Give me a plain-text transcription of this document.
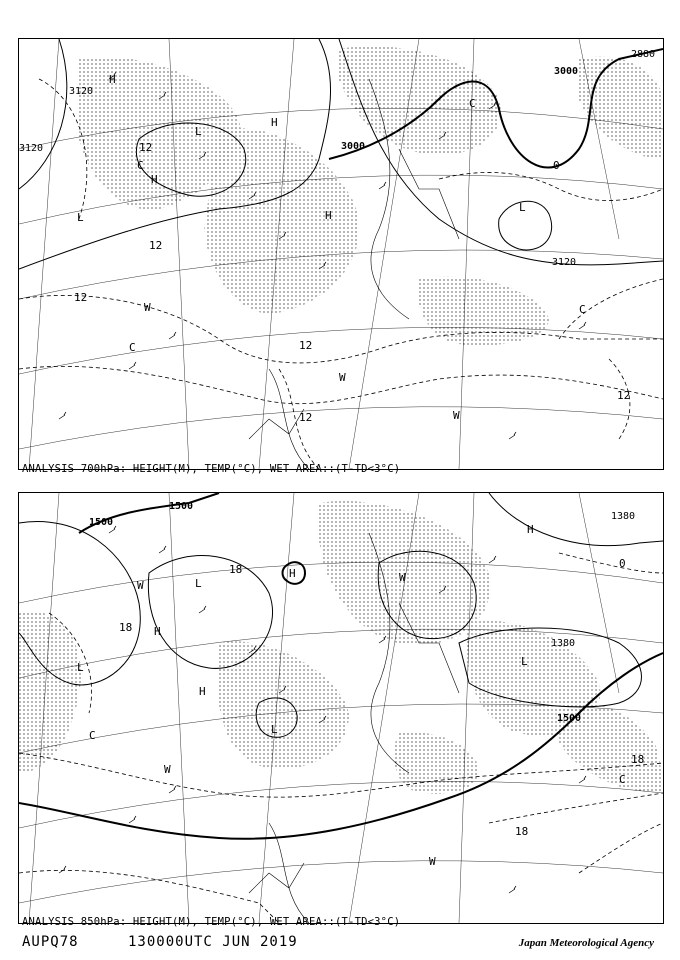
3120
3120	3000
3000
3120
2880
12
12
12
12
12
12
0
H
H
H
H
L
L
L
C
C
C
C
W
W
W
ANALYSIS 700hPa: HEIGHT(M), TEMP(°C), WET AREA::(T-TD<3°C)
1500
1500
1380
1380
1500
18
18
18
18
0
H
H
H
H
L
L
L
L
C
C
W
W
W
W
ANALYSIS 850hPa: HEIGHT(M), TEMP(°C), WET AREA::(T-TD<3°C)
AUPQ78	130000UTC JUN 2019	Japan Meteorological Agency
